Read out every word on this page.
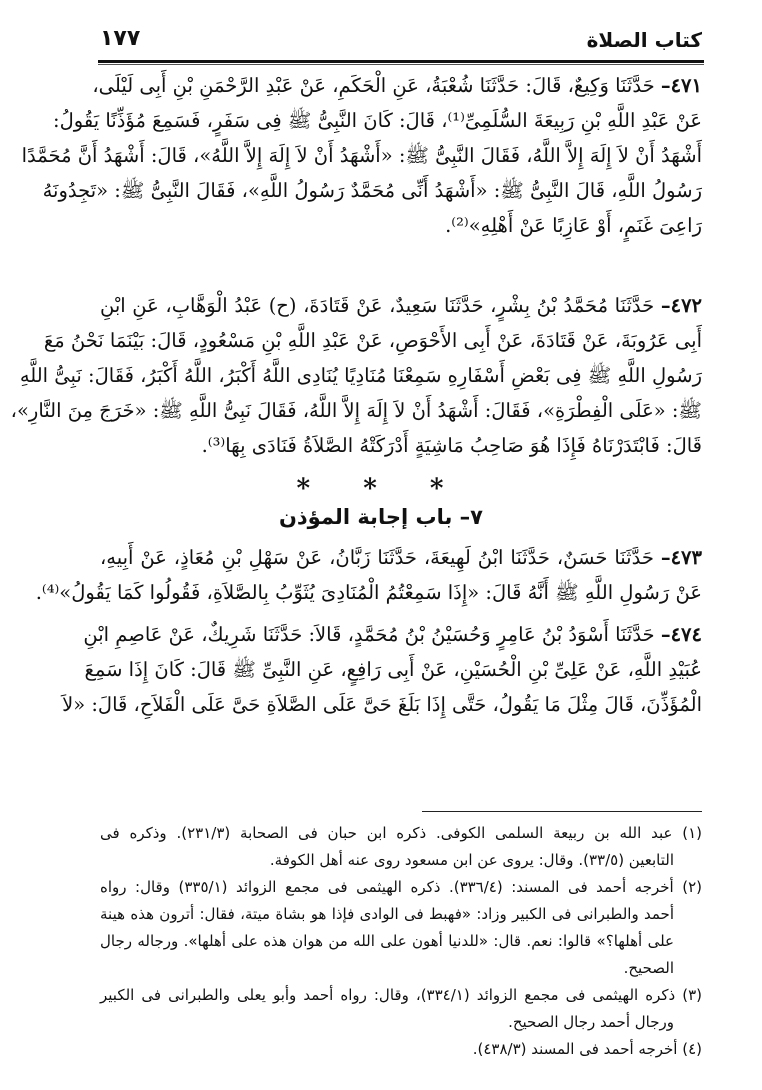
كتاب الصلاة
١٧٧
٤٧١– حَدَّثَنَا وَكِيعٌ، قَالَ: حَدَّثَنَا شُعْبَةُ، عَنِ الْحَكَمِ، عَنْ عَبْدِ الرَّحْمَنِ بْنِ أَبِى لَيْلَى،
عَنْ عَبْدِ اللَّهِ بْنِ رَبِيعَةَ السُّلَمِىِّ⁽¹⁾، قَالَ: كَانَ النَّبِىُّ ﷺ فِى سَفَرٍ، فَسَمِعَ مُؤَذِّنًا يَقُولُ:
أَشْهَدُ أَنْ لاَ إِلَهَ إِلاَّ اللَّهُ، فَقَالَ النَّبِىُّ ﷺ: «أَشْهَدُ أَنْ لاَ إِلَهَ إِلاَّ اللَّهُ»، قَالَ: أَشْهَدُ أَنَّ مُحَمَّدًا
رَسُولُ اللَّهِ، قَالَ النَّبِىُّ ﷺ: «أَشْهَدُ أَنِّى مُحَمَّدٌ رَسُولُ اللَّهِ»، فَقَالَ النَّبِىُّ ﷺ: «تَجِدُونَهُ
رَاعِىَ غَنَمٍ، أَوْ عَازِبًا عَنْ أَهْلِهِ»⁽²⁾.
٤٧٢– حَدَّثَنَا مُحَمَّدُ بْنُ بِشْرٍ، حَدَّثَنَا سَعِيدٌ، عَنْ قَتَادَةَ، (ح) عَبْدُ الْوَهَّابِ، عَنِ ابْنِ
أَبِى عَرُوبَةَ، عَنْ قَتَادَةَ، عَنْ أَبِى الأَحْوَصِ، عَنْ عَبْدِ اللَّهِ بْنِ مَسْعُودٍ، قَالَ: بَيْنَمَا نَحْنُ مَعَ
رَسُولِ اللَّهِ ﷺ فِى بَعْضِ أَسْفَارِهِ سَمِعْنَا مُنَادِيًا يُنَادِى اللَّهُ أَكْبَرُ، اللَّهُ أَكْبَرُ، فَقَالَ: نَبِىُّ اللَّهِ
ﷺ: «عَلَى الْفِطْرَةِ»، فَقَالَ: أَشْهَدُ أَنْ لاَ إِلَهَ إِلاَّ اللَّهُ، فَقَالَ نَبِىُّ اللَّهِ ﷺ: «خَرَجَ مِنَ النَّارِ»،
قَالَ: فَابْتَدَرْنَاهُ فَإِذَا هُوَ صَاحِبُ مَاشِيَةٍ أَدْرَكَتْهُ الصَّلاَةُ فَنَادَى بِهَا⁽³⁾.
* * *
٧– باب إجابة المؤذن
٤٧٣– حَدَّثَنَا حَسَنٌ، حَدَّثَنَا ابْنُ لَهِيعَةَ، حَدَّثَنَا زَبَّانُ، عَنْ سَهْلِ بْنِ مُعَاذٍ، عَنْ أَبِيهِ،
عَنْ رَسُولِ اللَّهِ ﷺ أَنَّهُ قَالَ: «إِذَا سَمِعْتُمُ الْمُنَادِىَ يُثَوِّبُ بِالصَّلاَةِ، فَقُولُوا كَمَا يَقُولُ»⁽⁴⁾.
٤٧٤– حَدَّثَنَا أَسْوَدُ بْنُ عَامِرٍ وَحُسَيْنُ بْنُ مُحَمَّدٍ، قَالاَ: حَدَّثَنَا شَرِيكٌ، عَنْ عَاصِمِ ابْنِ
عُبَيْدِ اللَّهِ، عَنْ عَلِىِّ بْنِ الْحُسَيْنِ، عَنْ أَبِى رَافِعٍ، عَنِ النَّبِىِّ ﷺ قَالَ: كَانَ إِذَا سَمِعَ
الْمُؤَذِّنَ، قَالَ مِثْلَ مَا يَقُولُ، حَتَّى إِذَا بَلَغَ حَىَّ عَلَى الصَّلاَةِ حَىَّ عَلَى الْفَلاَحِ، قَالَ: «لاَ
(١) عبد الله بن ربيعة السلمى الكوفى. ذكره ابن حبان فى الصحابة (٢٣١/٣). وذكره فى
التابعين (٣٣/٥). وقال: يروى عن ابن مسعود روى عنه أهل الكوفة.
(٢) أخرجه أحمد فى المسند: (٣٣٦/٤). ذكره الهيثمى فى مجمع الزوائد (٣٣٥/١) وقال: رواه
أحمد والطبرانى فى الكبير وزاد: «فهبط فى الوادى فإذا هو بشاة ميتة، فقال: أترون هذه هينة
على أهلها؟» قالوا: نعم. قال: «للدنيا أهون على الله من هوان هذه على أهلها». ورجاله رجال
الصحيح.
(٣) ذكره الهيثمى فى مجمع الزوائد (٣٣٤/١)، وقال: رواه أحمد وأبو يعلى والطبرانى فى الكبير
ورجال أحمد رجال الصحيح.
(٤) أخرجه أحمد فى المسند (٤٣٨/٣).
